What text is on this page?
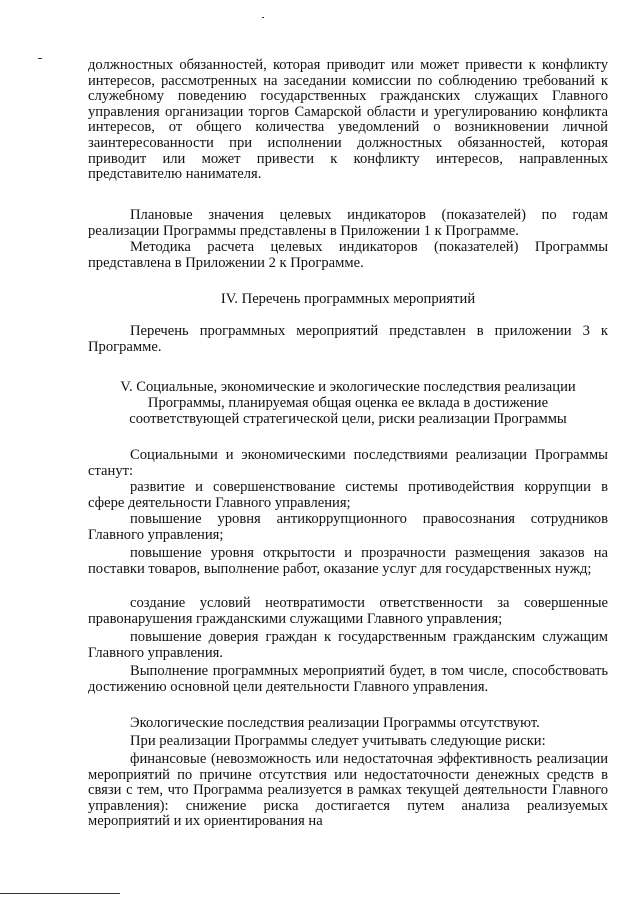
должностных обязанностей, которая приводит или может привести к конфликту интересов, рассмотренных на заседании комиссии по соблюдению требований к служебному поведению государственных гражданских служащих Главного управления организации торгов Самарской области и урегулированию конфликта интересов, от общего количества уведомлений о возникновении личной заинтересованности при исполнении должностных обязанностей, которая приводит или может привести к конфликту интересов, направленных представителю нанимателя.
Плановые значения целевых индикаторов (показателей) по годам реализации Программы представлены в Приложении 1 к Программе.
Методика расчета целевых индикаторов (показателей) Программы представлена в Приложении 2 к Программе.
IV. Перечень программных мероприятий
Перечень программных мероприятий представлен в приложении 3 к Программе.
V. Социальные, экономические и экологические последствия реализации
Программы, планируемая общая оценка ее вклада в достижение
соответствующей стратегической цели, риски реализации Программы
Социальными и экономическими последствиями реализации Программы станут:
развитие и совершенствование системы противодействия коррупции в сфере деятельности Главного управления;
повышение уровня антикоррупционного правосознания сотрудников Главного управления;
повышение уровня открытости и прозрачности размещения заказов на поставки товаров, выполнение работ, оказание услуг для государственных нужд;
создание условий неотвратимости ответственности за совершенные правонарушения гражданскими служащими Главного управления;
повышение доверия граждан к государственным гражданским служащим Главного управления.
Выполнение программных мероприятий будет, в том числе, способствовать достижению основной цели деятельности Главного управления.
Экологические последствия реализации Программы отсутствуют.
При реализации Программы следует учитывать следующие риски:
финансовые (невозможность или недостаточная эффективность реализации мероприятий по причине отсутствия или недостаточности денежных средств в связи с тем, что Программа реализуется в рамках текущей деятельности Главного управления): снижение риска достигается путем анализа реализуемых мероприятий и их ориентирования на
